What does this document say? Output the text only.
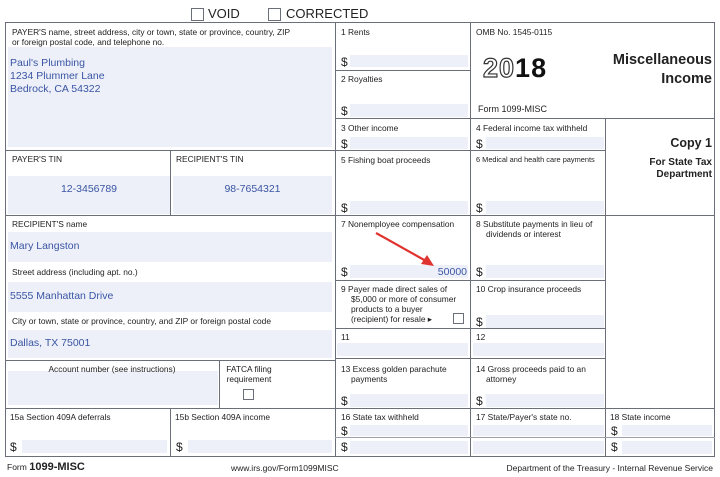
VOID	CORRECTED
PAYER'S name, street address, city or town, state or province, country, ZIP
or foreign postal code, and telephone no.
Paul's Plumbing
1234 Plummer Lane
Bedrock, CA 54322
1 Rents
$
2 Royalties
$
OMB No. 1545-0115
2018
Form 1099-MISC
Miscellaneous
Income
Copy 1
For State Tax
Department
3 Other income
$
4 Federal income tax withheld
$
PAYER'S TIN
12-3456789
RECIPIENT'S TIN
98-7654321
5 Fishing boat proceeds
$
6 Medical and health care payments
$
RECIPIENT'S name
Mary Langston
Street address (including apt. no.)
5555 Manhattan Drive
City or town, state or province, country, and ZIP or foreign postal code
Dallas, TX 75001
7 Nonemployee compensation
$	50000
8 Substitute payments in lieu of
dividends or interest
$
9 Payer made direct sales of
$5,000 or more of consumer
products to a buyer
(recipient) for resale ▸
10 Crop insurance proceeds
$
11	12
Account number (see instructions)	FATCA filing
requirement
13 Excess golden parachute
payments
$
14 Gross proceeds paid to an
attorney
$
15a Section 409A deferrals
$
15b Section 409A income
$
16 State tax withheld
$
$
17 State/Payer's state no.	18 State income
$
$
Form 1099-MISC	www.irs.gov/Form1099MISC	Department of the Treasury - Internal Revenue Service
